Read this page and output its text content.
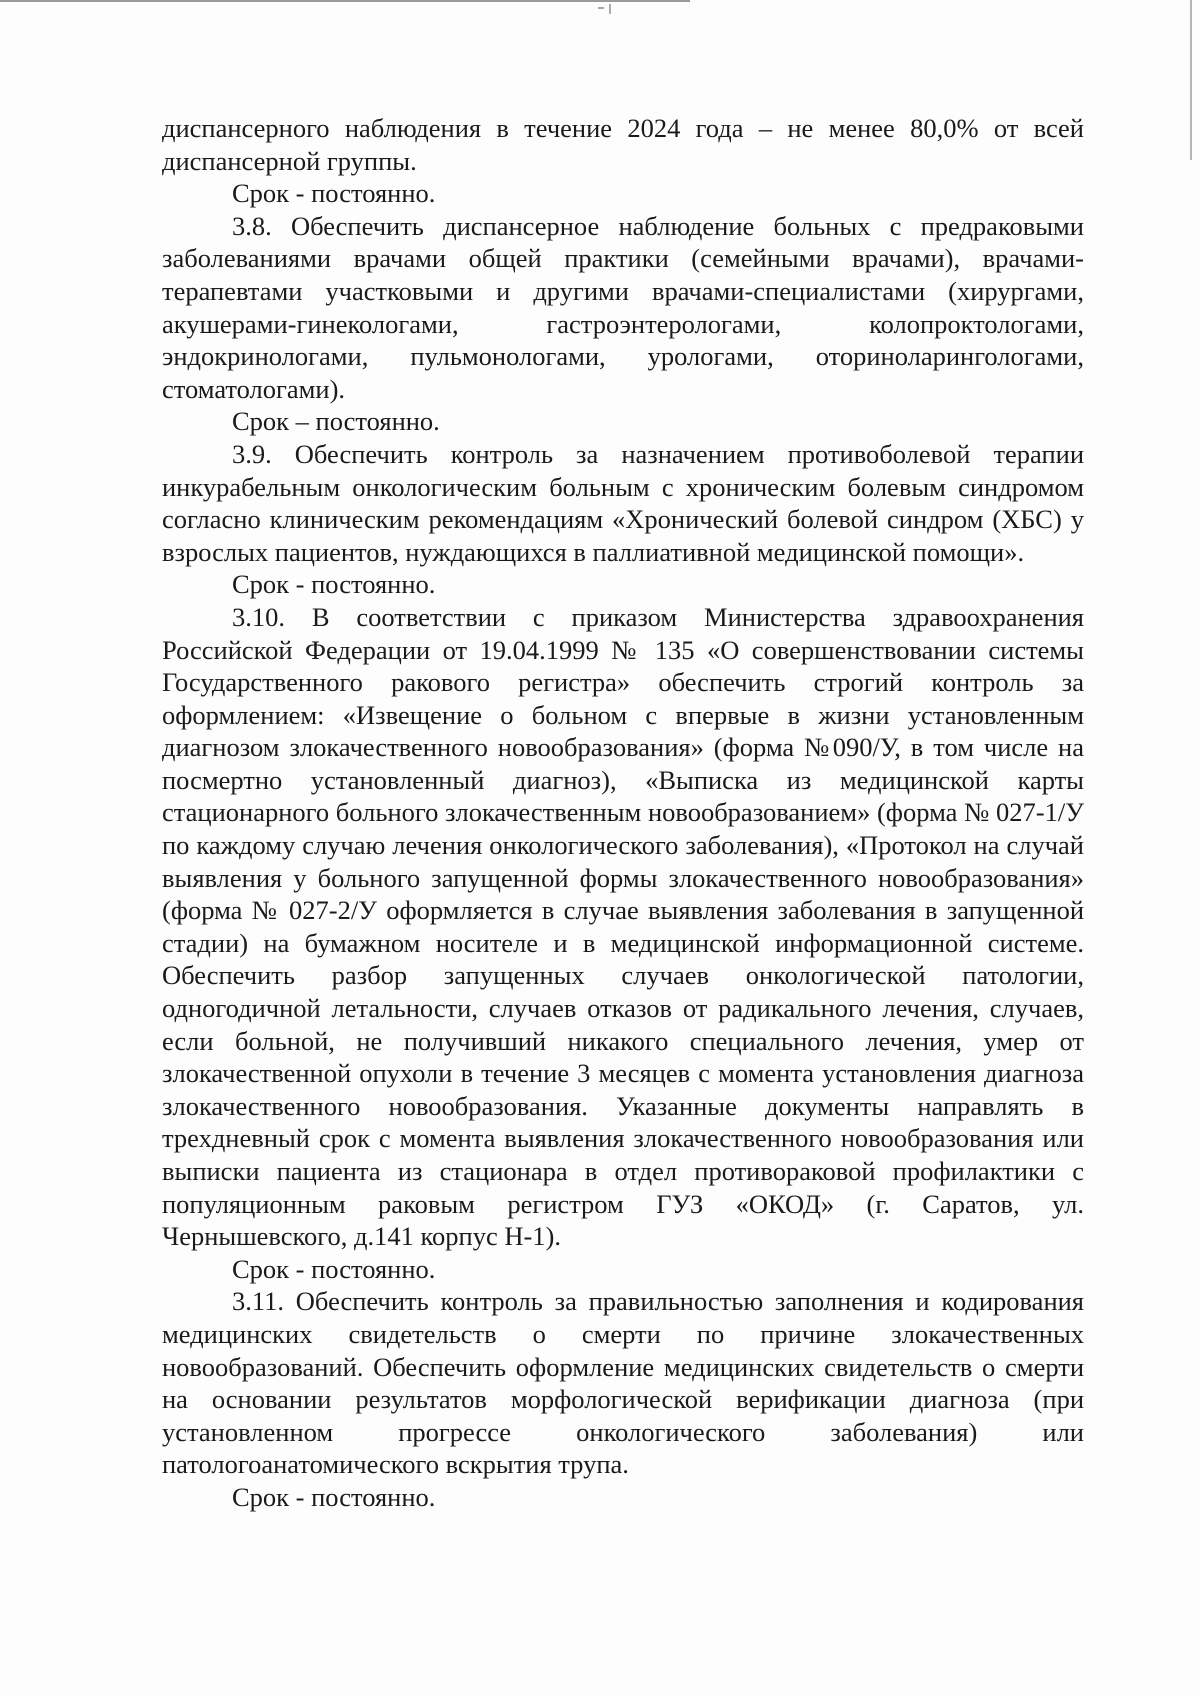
диспансерного наблюдения в течение 2024 года – не менее 80,0% от всей диспансерной группы.

Срок - постоянно.

3.8. Обеспечить диспансерное наблюдение больных с предраковыми заболеваниями врачами общей практики (семейными врачами), врачами-терапевтами участковыми и другими врачами-специалистами (хирургами, акушерами-гинекологами, гастроэнтерологами, колопроктологами, эндокринологами, пульмонологами, урологами, оториноларингологами, стоматологами).

Срок – постоянно.

3.9. Обеспечить контроль за назначением противоболевой терапии инкурабельным онкологическим больным с хроническим болевым синдромом согласно клиническим рекомендациям «Хронический болевой синдром (ХБС) у взрослых пациентов, нуждающихся в паллиативной медицинской помощи».

Срок - постоянно.

3.10. В соответствии с приказом Министерства здравоохранения Российской Федерации от 19.04.1999 № 135 «О совершенствовании системы Государственного ракового регистра» обеспечить строгий контроль за оформлением: «Извещение о больном с впервые в жизни установленным диагнозом злокачественного новообразования» (форма №090/У, в том числе на посмертно установленный диагноз), «Выписка из медицинской карты стационарного больного злокачественным новообразованием» (форма № 027-1/У по каждому случаю лечения онкологического заболевания), «Протокол на случай выявления у больного запущенной формы злокачественного новообразования» (форма № 027-2/У оформляется в случае выявления заболевания в запущенной стадии) на бумажном носителе и в медицинской информационной системе. Обеспечить разбор запущенных случаев онкологической патологии, одногодичной летальности, случаев отказов от радикального лечения, случаев, если больной, не получивший никакого специального лечения, умер от злокачественной опухоли в течение 3 месяцев с момента установления диагноза злокачественного новообразования. Указанные документы направлять в трехдневный срок с момента выявления злокачественного новообразования или выписки пациента из стационара в отдел противораковой профилактики с популяционным раковым регистром ГУЗ «ОКОД» (г. Саратов, ул. Чернышевского, д.141 корпус Н-1).

Срок - постоянно.

3.11. Обеспечить контроль за правильностью заполнения и кодирования медицинских свидетельств о смерти по причине злокачественных новообразований. Обеспечить оформление медицинских свидетельств о смерти на основании результатов морфологической верификации диагноза (при установленном прогрессе онкологического заболевания) или патологоанатомического вскрытия трупа.

Срок - постоянно.
